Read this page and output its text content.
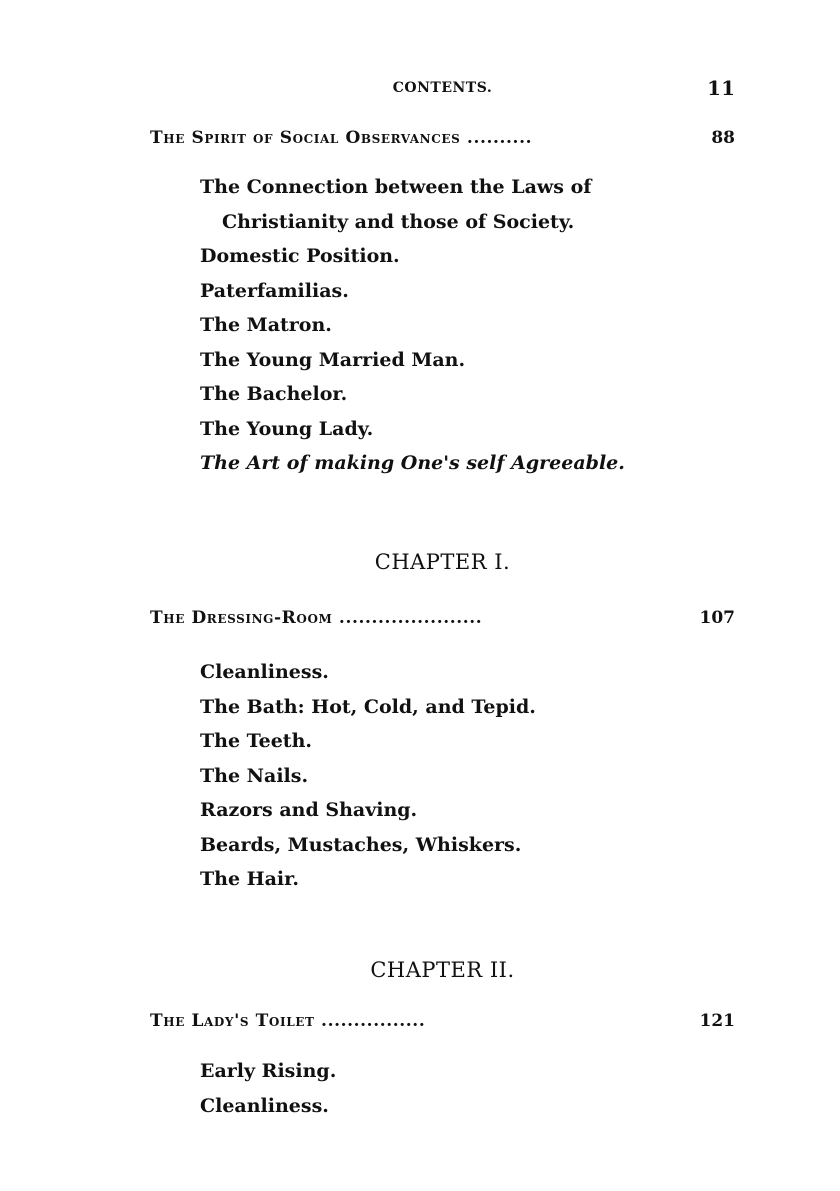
CONTENTS.	11
The Spirit of Social Observances ..........	88
The Connection between the Laws of Christianity and those of Society.
Domestic Position.
Paterfamilias.
The Matron.
The Young Married Man.
The Bachelor.
The Young Lady.
The Art of making One's self Agreeable.
CHAPTER I.
The Dressing-Room ......................	107
Cleanliness.
The Bath: Hot, Cold, and Tepid.
The Teeth.
The Nails.
Razors and Shaving.
Beards, Mustaches, Whiskers.
The Hair.
CHAPTER II.
The Lady's Toilet ................	121
Early Rising.
Cleanliness.
